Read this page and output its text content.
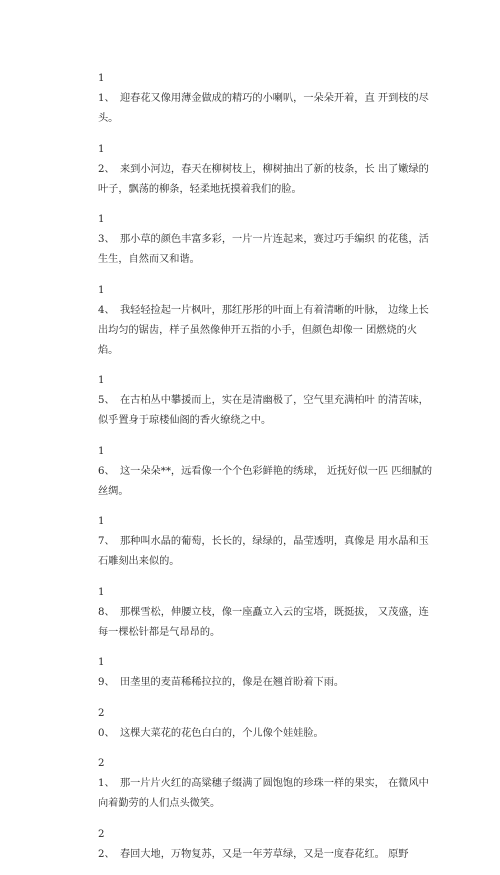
11、 迎春花又像用薄金做成的精巧的小喇叭，一朵朵开着，直 开到枝的尽头。

12、 来到小河边，春天在柳树枝上，柳树抽出了新的枝条，长 出了嫩绿的叶子，飘荡的柳条，轻柔地抚摸着我们的脸。

13、 那小草的颜色丰富多彩，一片一片连起来，赛过巧手编织 的花毯，活生生，自然而又和谐。

14、 我轻轻捡起一片枫叶，那红彤彤的叶面上有着清晰的叶脉， 边缘上长出均匀的锯齿，样子虽然像伸开五指的小手，但颜色却像一 团燃烧的火焰。

15、 在古柏丛中攀援而上，实在是清幽极了，空气里充满柏叶 的清苦味，似乎置身于琼楼仙阁的香火缭绕之中。

16、 这一朵朵**，远看像一个个色彩鲜艳的绣球， 近抚好似一匹 匹细腻的丝绸。

17、 那种叫水晶的葡萄，长长的，绿绿的，晶莹透明，真像是 用水晶和玉石雕刻出来似的。

18、 那棵雪松，伸腰立枝，像一座矗立入云的宝塔，既挺拔， 又茂盛，连每一棵松针都是气昂昂的。

19、 田垄里的麦苗稀稀拉拉的，像是在翘首盼着下雨。

20、 这棵大菜花的花色白白的，个儿像个娃娃脸。

21、 那一片片火红的高粱穗子缀满了圆饱饱的珍珠一样的果实， 在微风中向着勤劳的人们点头微笑。

22、 春回大地，万物复苏，又是一年芳草绿，又是一度春花红。 原野
